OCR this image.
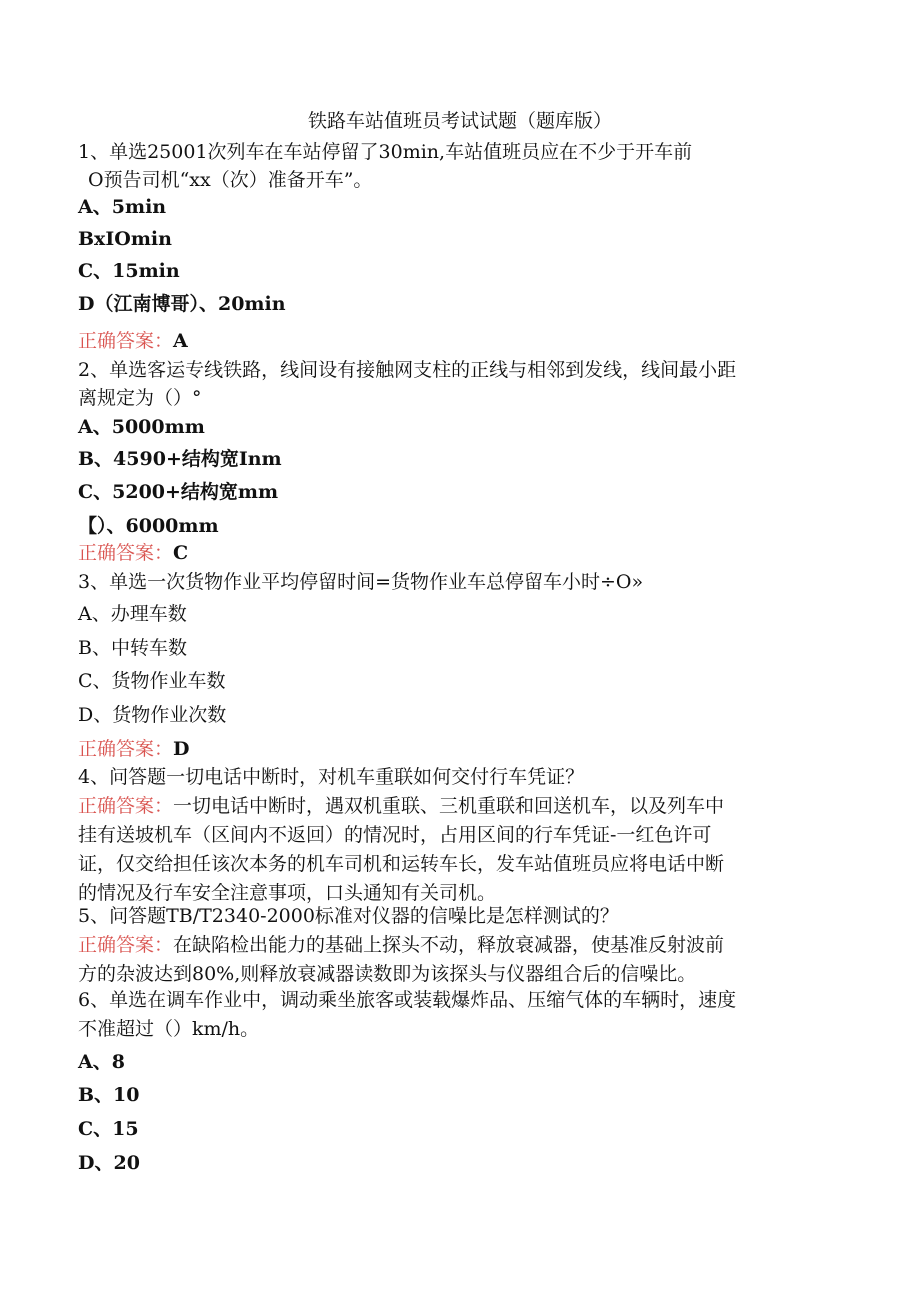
铁路车站值班员考试试题（题库版）
1、单选25001次列车在车站停留了30min,车站值班员应在不少于开车前
O预告司机“xx（次）准备开车”。
A、5min
BxIOmin
C、15min
D（江南博哥）、20min
正确答案：A
2、单选客运专线铁路，线间设有接触网支柱的正线与相邻到发线，线间最小距
离规定为（）°
A、5000mm
B、4590+结构宽Inm
C、5200+结构宽mm
【）、6000mm
正确答案：C
3、单选一次货物作业平均停留时间=货物作业车总停留车小时÷O»
A、办理车数
B、中转车数
C、货物作业车数
D、货物作业次数
正确答案：D
4、问答题一切电话中断时，对机车重联如何交付行车凭证？
正确答案：一切电话中断时，遇双机重联、三机重联和回送机车，以及列车中
挂有送坡机车（区间内不返回）的情况时，占用区间的行车凭证-一红色许可
证，仅交给担任该次本务的机车司机和运转车长，发车站值班员应将电话中断
的情况及行车安全注意事项，口头通知有关司机。
5、问答题TB/T2340-2000标准对仪器的信噪比是怎样测试的？
正确答案：在缺陷检出能力的基础上探头不动，释放衰减器，使基准反射波前
方的杂波达到80%,则释放衰减器读数即为该探头与仪器组合后的信噪比。
6、单选在调车作业中，调动乘坐旅客或装载爆炸品、压缩气体的车辆时，速度
不准超过（）km/h。
A、8
B、10
C、15
D、20
